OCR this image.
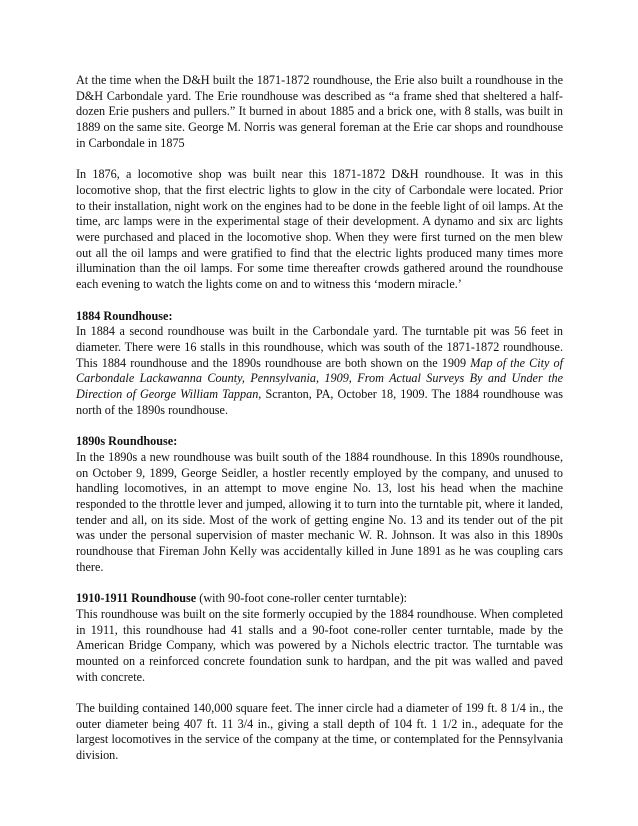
At the time when the D&H built the 1871-1872 roundhouse, the Erie also built a roundhouse in the D&H Carbondale yard. The Erie roundhouse was described as “a frame shed that sheltered a half-dozen Erie pushers and pullers.” It burned in about 1885 and a brick one, with 8 stalls, was built in 1889 on the same site. George M. Norris was general foreman at the Erie car shops and roundhouse in Carbondale in 1875

In 1876, a locomotive shop was built near this 1871-1872 D&H roundhouse. It was in this locomotive shop, that the first electric lights to glow in the city of Carbondale were located. Prior to their installation, night work on the engines had to be done in the feeble light of oil lamps. At the time, arc lamps were in the experimental stage of their development. A dynamo and six arc lights were purchased and placed in the locomotive shop. When they were first turned on the men blew out all the oil lamps and were gratified to find that the electric lights produced many times more illumination than the oil lamps. For some time thereafter crowds gathered around the roundhouse each evening to watch the lights come on and to witness this ‘modern miracle.’

1884 Roundhouse:
In 1884 a second roundhouse was built in the Carbondale yard. The turntable pit was 56 feet in diameter. There were 16 stalls in this roundhouse, which was south of the 1871-1872 roundhouse. This 1884 roundhouse and the 1890s roundhouse are both shown on the 1909 Map of the City of Carbondale Lackawanna County, Pennsylvania, 1909, From Actual Surveys By and Under the Direction of George William Tappan, Scranton, PA, October 18, 1909. The 1884 roundhouse was north of the 1890s roundhouse.
1890s Roundhouse:
In the 1890s a new roundhouse was built south of the 1884 roundhouse. In this 1890s roundhouse, on October 9, 1899, George Seidler, a hostler recently employed by the company, and unused to handling locomotives, in an attempt to move engine No. 13, lost his head when the machine responded to the throttle lever and jumped, allowing it to turn into the turntable pit, where it landed, tender and all, on its side. Most of the work of getting engine No. 13 and its tender out of the pit was under the personal supervision of master mechanic W. R. Johnson. It was also in this 1890s roundhouse that Fireman John Kelly was accidentally killed in June 1891 as he was coupling cars there.
1910-1911 Roundhouse (with 90-foot cone-roller center turntable):
This roundhouse was built on the site formerly occupied by the 1884 roundhouse. When completed in 1911, this roundhouse had 41 stalls and a 90-foot cone-roller center turntable, made by the American Bridge Company, which was powered by a Nichols electric tractor. The turntable was mounted on a reinforced concrete foundation sunk to hardpan, and the pit was walled and paved with concrete.

The building contained 140,000 square feet. The inner circle had a diameter of 199 ft. 8 1/4 in., the outer diameter being 407 ft. 11 3/4 in., giving a stall depth of 104 ft. 1 1/2 in., adequate for the largest locomotives in the service of the company at the time, or contemplated for the Pennsylvania division.
